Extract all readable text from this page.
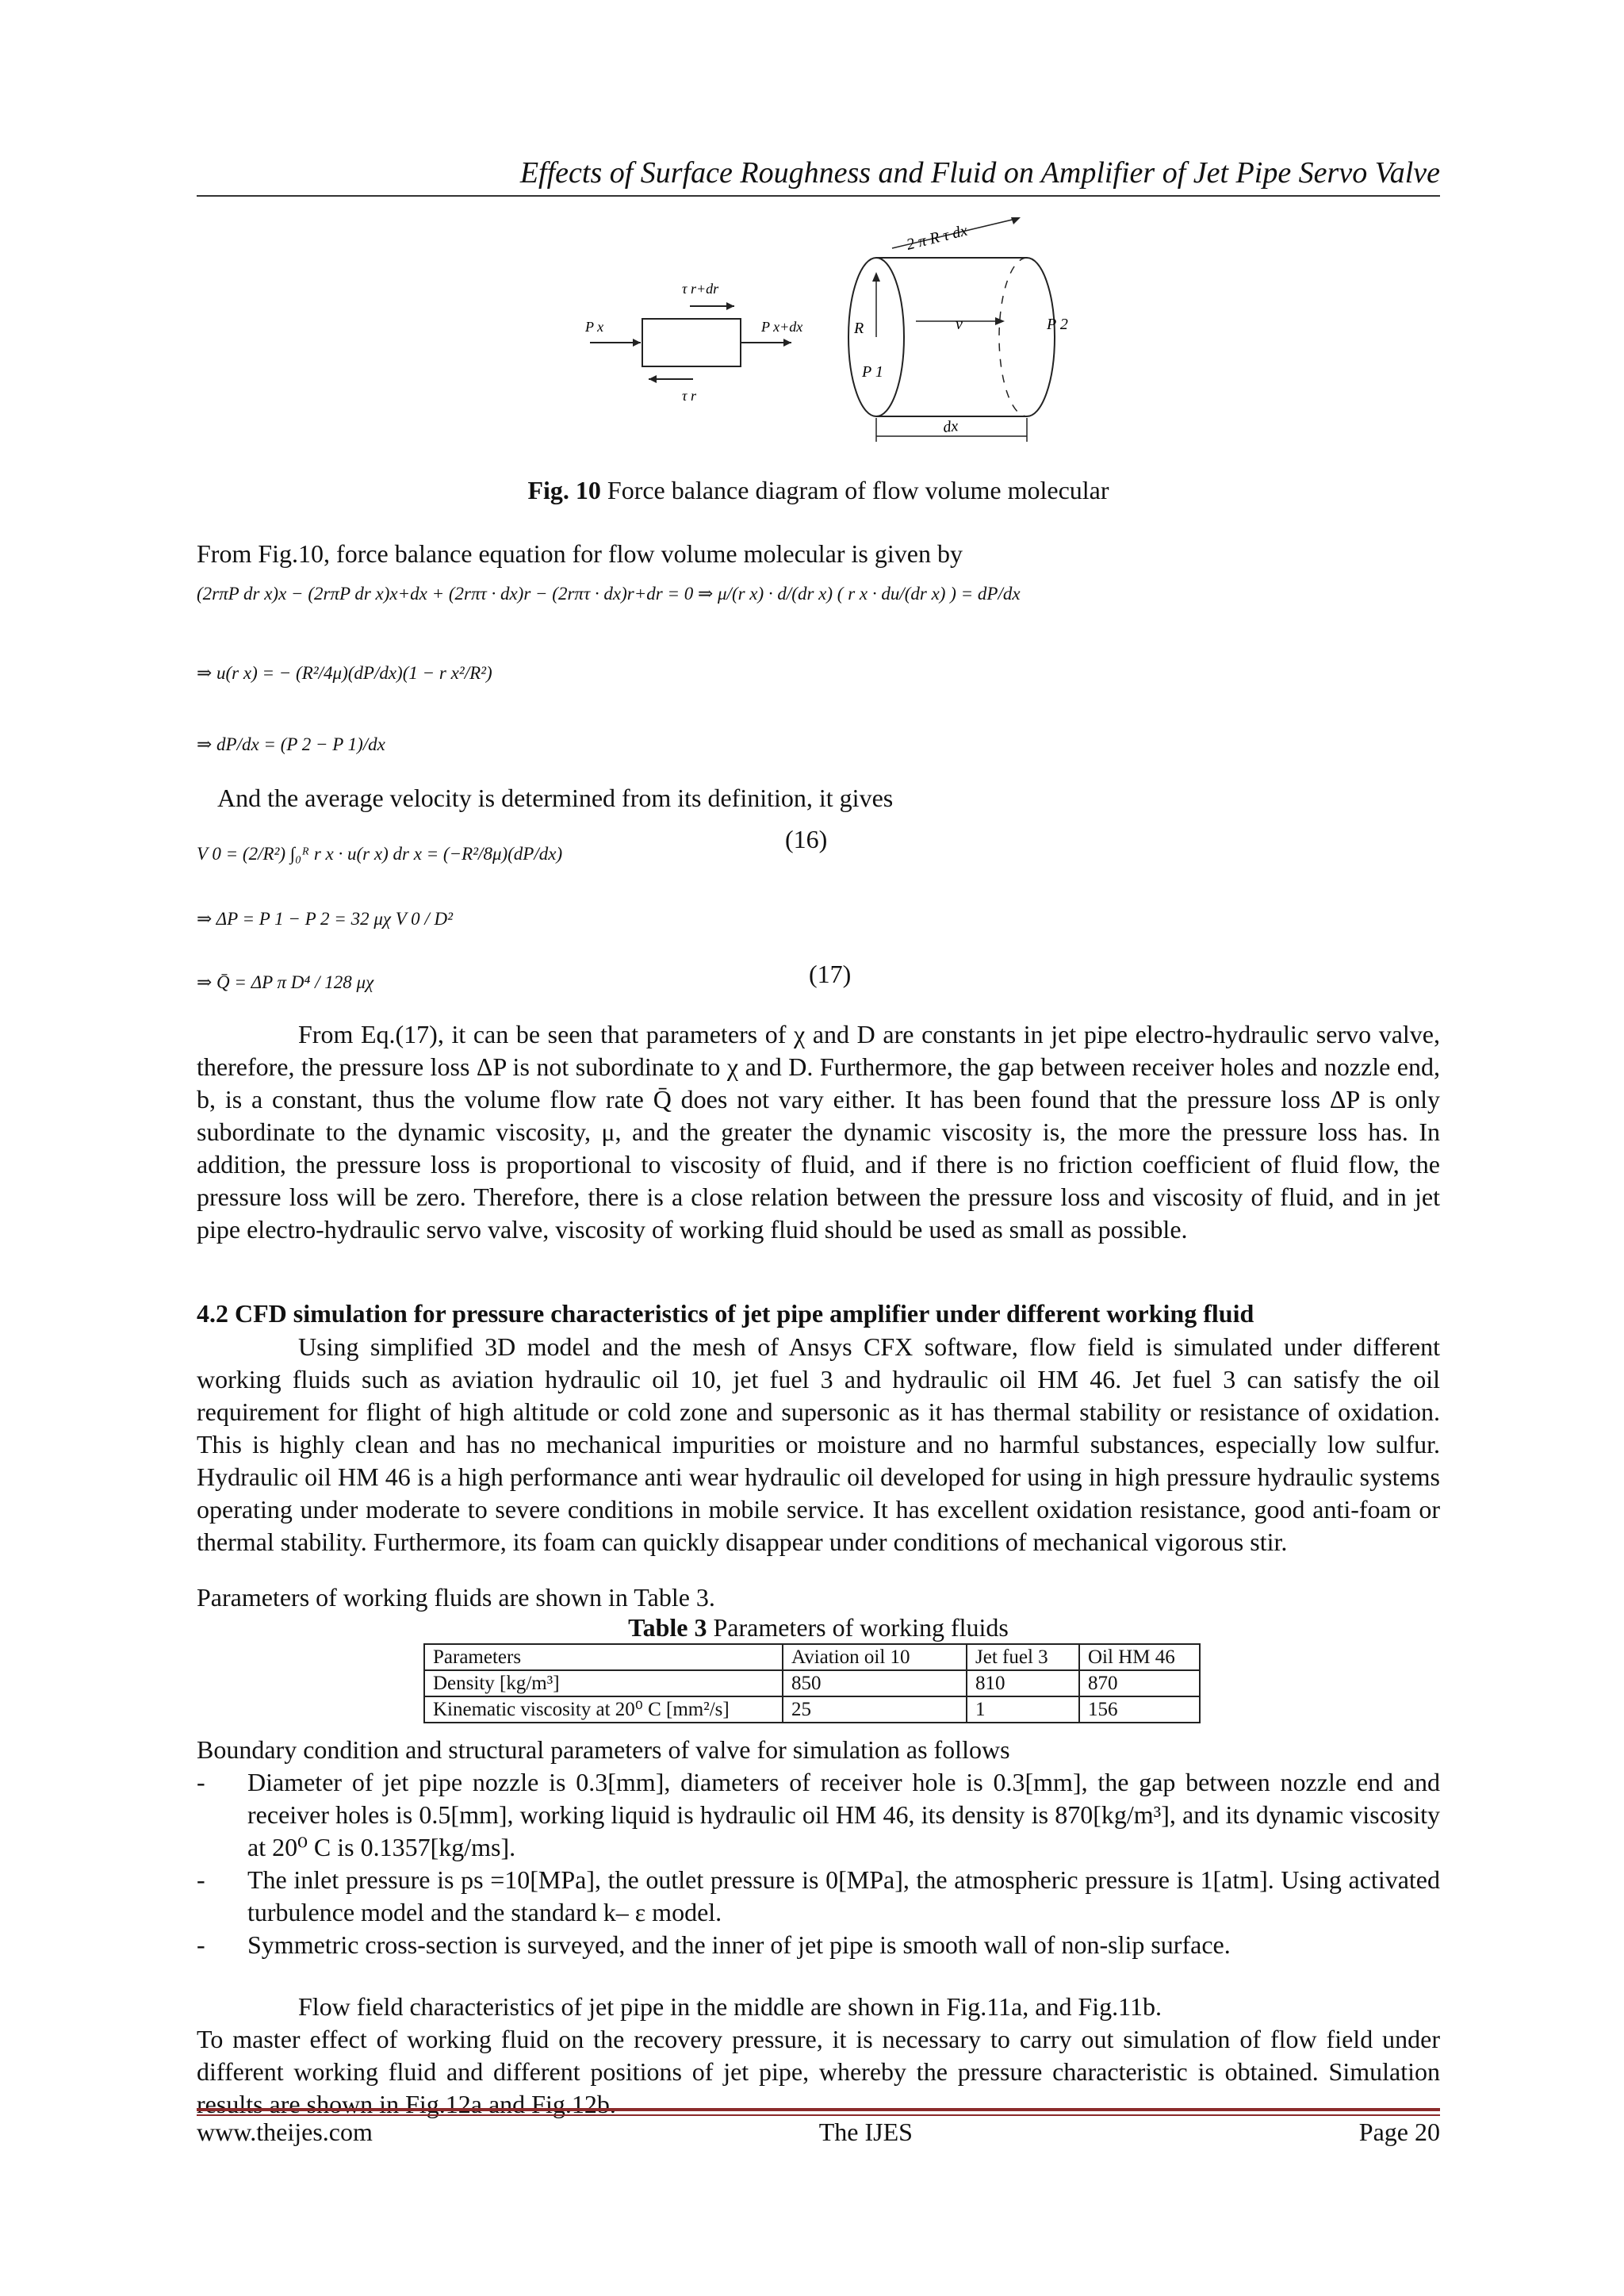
Effects of Surface Roughness and Fluid on Amplifier of Jet Pipe Servo Valve
τ r+dr
P x	P x+dx
τ r
2 π R τ dx
R
P 1
v	P 2
dx
Fig. 10 Force balance diagram of flow volume molecular
From Fig.10, force balance equation for flow volume molecular is given by
(2rπP dr x)x − (2rπP dr x)x+dx + (2rπτ · dx)r − (2rπτ · dx)r+dr = 0 ⇒ μ/(r x) · d/(dr x) ( r x · du/(dr x) ) = dP/dx
⇒ u(r x) = − (R²/4μ)(dP/dx)(1 − r x²/R²)
⇒ dP/dx = (P 2 − P 1)/dx
And the average velocity is determined from its definition, it gives
V 0 = (2/R²) ∫₀ᴿ r x · u(r x) dr x = (−R²/8μ)(dP/dx)
(16)
⇒ ΔP = P 1 − P 2 = 32 μχ V 0 / D²
⇒ Q̄ = ΔP π D⁴ / 128 μχ	(17)
From Eq.(17), it can be seen that parameters of χ and D are constants in jet pipe electro-hydraulic servo valve, therefore, the pressure loss ΔP is not subordinate to χ and D. Furthermore, the gap between receiver holes and nozzle end, b, is a constant, thus the volume flow rate Q̄ does not vary either. It has been found that the pressure loss ΔP is only subordinate to the dynamic viscosity, μ, and the greater the dynamic viscosity is, the more the pressure loss has. In addition, the pressure loss is proportional to viscosity of fluid, and if there is no friction coefficient of fluid flow, the pressure loss will be zero. Therefore, there is a close relation between the pressure loss and viscosity of fluid, and in jet pipe electro-hydraulic servo valve, viscosity of working fluid should be used as small as possible.
4.2 CFD simulation for pressure characteristics of jet pipe amplifier under different working fluid
Using simplified 3D model and the mesh of Ansys CFX software, flow field is simulated under different working fluids such as aviation hydraulic oil 10, jet fuel 3 and hydraulic oil HM 46. Jet fuel 3 can satisfy the oil requirement for flight of high altitude or cold zone and supersonic as it has thermal stability or resistance of oxidation. This is highly clean and has no mechanical impurities or moisture and no harmful substances, especially low sulfur. Hydraulic oil HM 46 is a high performance anti wear hydraulic oil developed for using in high pressure hydraulic systems operating under moderate to severe conditions in mobile service. It has excellent oxidation resistance, good anti-foam or thermal stability. Furthermore, its foam can quickly disappear under conditions of mechanical vigorous stir.
Parameters of working fluids are shown in Table 3.
Table 3 Parameters of working fluids
Parameters	Aviation oil 10	Jet fuel 3	Oil HM 46
Density [kg/m³]	850	810	870
Kinematic viscosity at 20⁰ C [mm²/s]	25	1	156
Boundary condition and structural parameters of valve for simulation as follows
-	Diameter of jet pipe nozzle is 0.3[mm], diameters of receiver hole is 0.3[mm], the gap between nozzle end and receiver holes is 0.5[mm], working liquid is hydraulic oil HM 46, its density is 870[kg/m³], and its dynamic viscosity at 20⁰ C is 0.1357[kg/ms].
-	The inlet pressure is ps =10[MPa], the outlet pressure is 0[MPa], the atmospheric pressure is 1[atm]. Using activated turbulence model and the standard k– ε model.
-	Symmetric cross-section is surveyed, and the inner of jet pipe is smooth wall of non-slip surface.
Flow field characteristics of jet pipe in the middle are shown in Fig.11a, and Fig.11b.
To master effect of working fluid on the recovery pressure, it is necessary to carry out simulation of flow field under different working fluid and different positions of jet pipe, whereby the pressure characteristic is obtained. Simulation results are shown in Fig.12a and Fig.12b.
www.theijes.com	The IJES	Page 20
